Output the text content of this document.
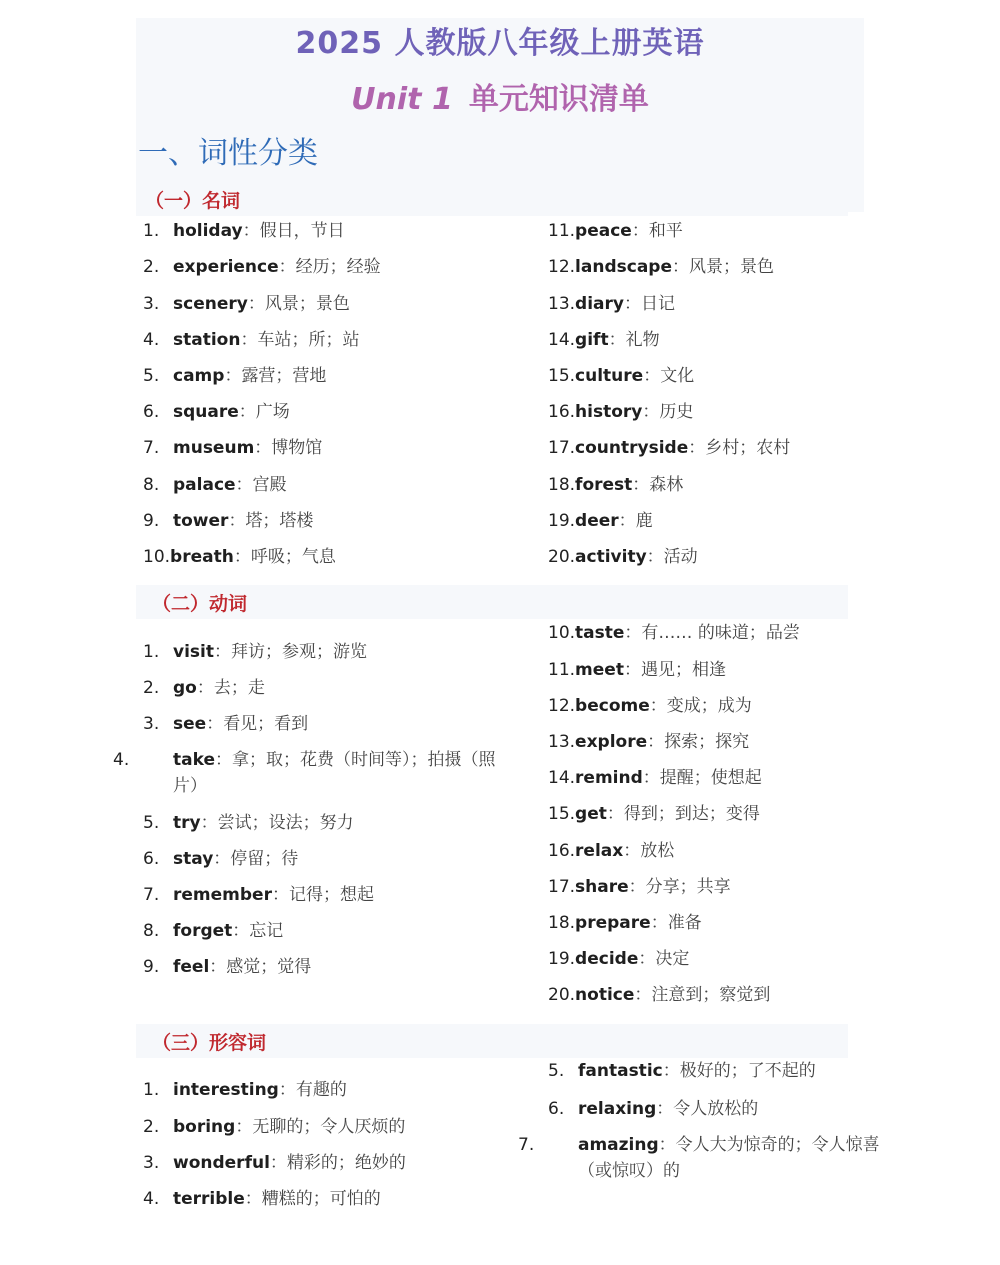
2025 人教版八年级上册英语
Unit 1 单元知识清单
一、词性分类
（一）名词
1. holiday：假日，节日
2. experience：经历；经验
3. scenery：风景；景色
4. station：车站；所；站
5. camp：露营；营地
6. square：广场
7. museum：博物馆
8. palace：宫殿
9. tower：塔；塔楼
10.breath：呼吸；气息
11.peace：和平
12.landscape：风景；景色
13.diary：日记
14.gift：礼物
15.culture：文化
16.history：历史
17.countryside：乡村；农村
18.forest：森林
19.deer：鹿
20.activity：活动
（二）动词
1. visit：拜访；参观；游览
2. go：去；走
3. see：看见；看到
4.	take：拿；取；花费（时间等）；拍摄（照片）
5. try：尝试；设法；努力
6. stay：停留；待
7. remember：记得；想起
8. forget：忘记
9. feel：感觉；觉得
10.taste：有…… 的味道；品尝
11.meet：遇见；相逢
12.become：变成；成为
13.explore：探索；探究
14.remind：提醒；使想起
15.get：得到；到达；变得
16.relax：放松
17.share：分享；共享
18.prepare：准备
19.decide：决定
20.notice：注意到；察觉到
（三）形容词
1. interesting：有趣的
2. boring：无聊的；令人厌烦的
3. wonderful：精彩的；绝妙的
4. terrible：糟糕的；可怕的
5. fantastic：极好的；了不起的
6. relaxing：令人放松的
7.	amazing：令人大为惊奇的；令人惊喜（或惊叹）的
